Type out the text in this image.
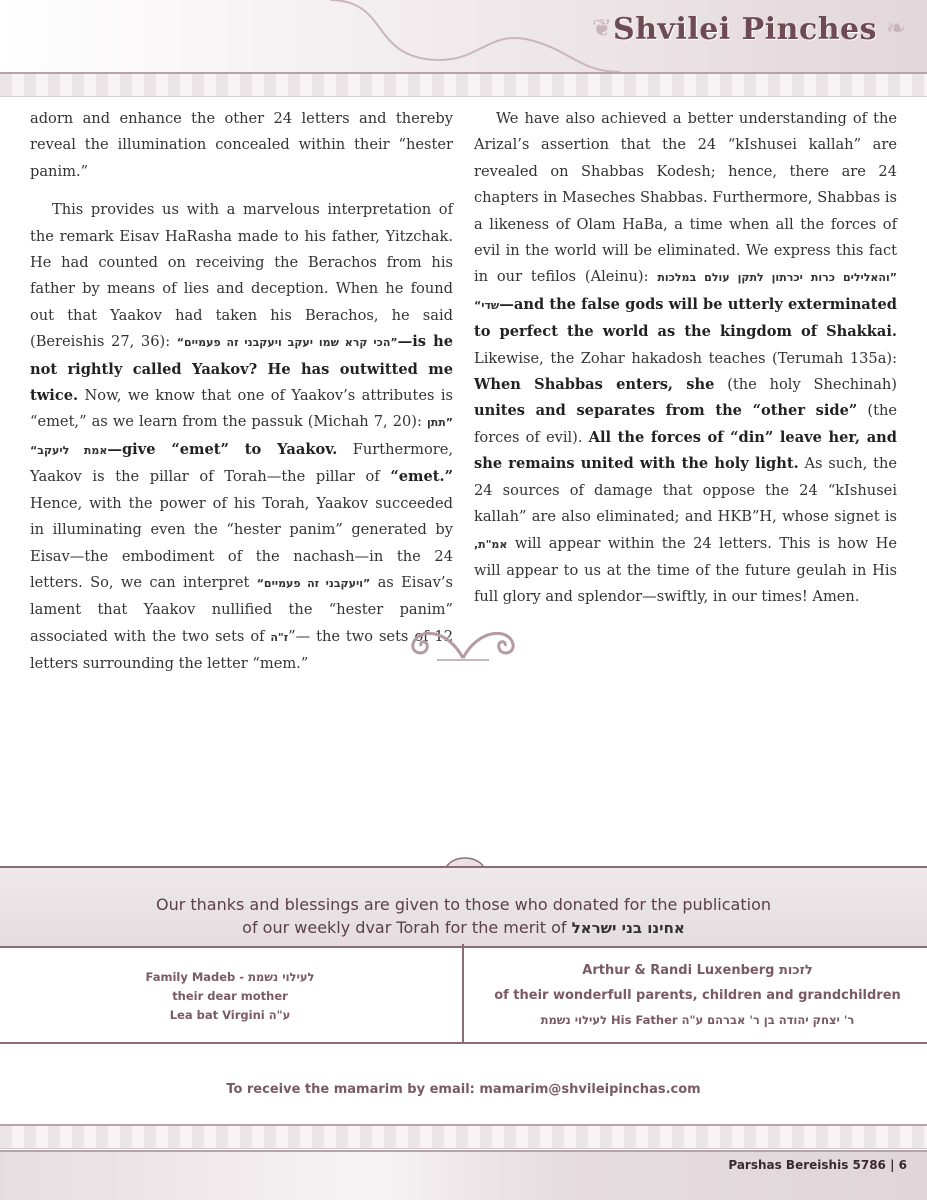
❦ Shvilei Pinches ❧

adorn and enhance the other 24 letters and thereby reveal the illumination concealed within their “hester panim.”

This provides us with a marvelous interpretation of the remark Eisav HaRasha made to his father, Yitzchak. He had counted on receiving the Berachos from his father by means of lies and deception. When he found out that Yaakov had taken his Berachos, he said (Bereishis 27, 36): ”הכי קרא שמו יעקב ויעקבני זה פעמיים“—is he not rightly called Yaakov? He has outwitted me twice. Now, we know that one of Yaakov’s attributes is “emet,” as we learn from the passuk (Michah 7, 20): ”תתן אמת ליעקב“—give “emet” to Yaakov. Furthermore, Yaakov is the pillar of Torah—the pillar of “emet.” Hence, with the power of his Torah, Yaakov succeeded in illuminating even the “hester panim” generated by Eisav—the embodiment of the nachash—in the 24 letters. So, we can interpret ”ויעקבני זה פעמיים“ as Eisav’s lament that Yaakov nullified the “hester panim” associated with the two sets of ז"ה”— the two sets of 12 letters surrounding the letter “mem.”

We have also achieved a better understanding of the Arizal’s assertion that the 24 “kIshusei kallah” are revealed on Shabbas Kodesh; hence, there are 24 chapters in Maseches Shabbas. Furthermore, Shabbas is a likeness of Olam HaBa, a time when all the forces of evil in the world will be eliminated. We express this fact in our tefilos (Aleinu): ”והאלילים כרות יכרתון לתקן עולם במלכות שדי“—and the false gods will be utterly exterminated to perfect the world as the kingdom of Shakkai. Likewise, the Zohar hakadosh teaches (Terumah 135a): When Shabbas enters, she (the holy Shechinah) unites and separates from the “other side” (the forces of evil). All the forces of “din” leave her, and she remains united with the holy light. As such, the 24 sources of damage that oppose the 24 “kIshusei kallah” are also eliminated; and HKB”H, whose signet is אמ"ת, will appear within the 24 letters. This is how He will appear to us at the time of the future geulah in His full glory and splendor—swiftly, in our times! Amen.

Our thanks and blessings are given to those who donated for the publication
of our weekly dvar Torah for the merit of אחינו בני ישראל
Family Madeb - לעילוי נשמת
their dear mother
Lea bat Virgini ע"ה
Arthur & Randi Luxenberg לזכות
of their wonderfull parents, children and grandchildren
לעילוי נשמת His Father ר' יצחק יהודה בן ר' אברהם ע"ה
To receive the mamarim by email: mamarim@shvileipinchas.com
Parshas Bereishis 5786 | 6
